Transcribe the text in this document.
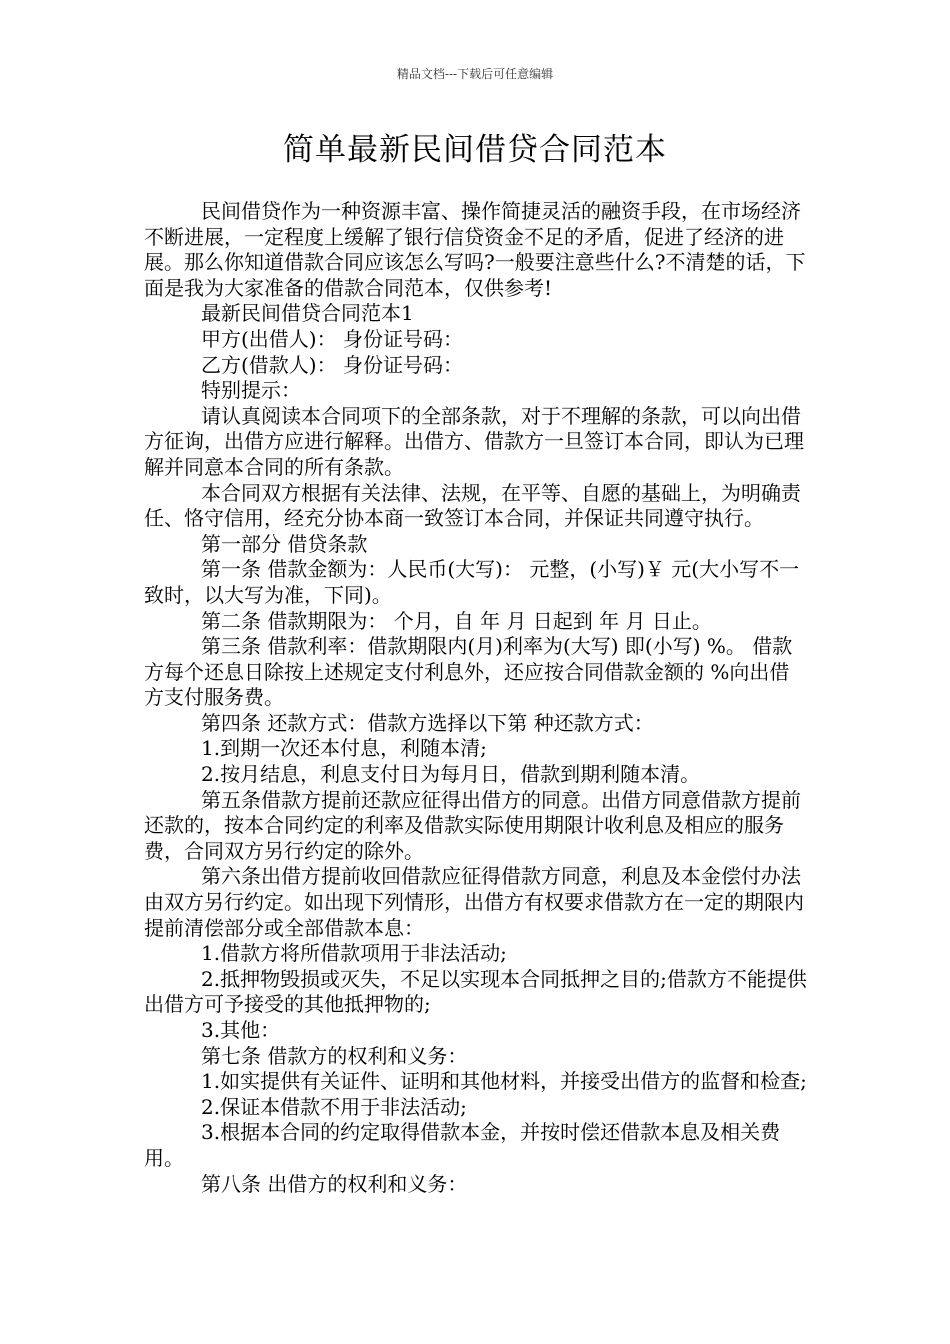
精品文档---下载后可任意编辑
简单最新民间借贷合同范本

民间借贷作为一种资源丰富、操作简捷灵活的融资手段，在市场经济不断进展，一定程度上缓解了银行信贷资金不足的矛盾，促进了经济的进展。那么你知道借款合同应该怎么写吗?一般要注意些什么?不清楚的话，下面是我为大家准备的借款合同范本，仅供参考!

最新民间借贷合同范本1

甲方(出借人)： 身份证号码：

乙方(借款人)： 身份证号码：

特别提示：

请认真阅读本合同项下的全部条款，对于不理解的条款，可以向出借方征询，出借方应进行解释。出借方、借款方一旦签订本合同，即认为已理解并同意本合同的所有条款。

本合同双方根据有关法律、法规，在平等、自愿的基础上，为明确责任、恪守信用，经充分协本商一致签订本合同，并保证共同遵守执行。

第一部分 借贷条款

第一条 借款金额为：人民币(大写)： 元整，(小写)￥ 元(大小写不一致时，以大写为准，下同)。

第二条 借款期限为： 个月，自 年 月 日起到 年 月 日止。

第三条 借款利率：借款期限内(月)利率为(大写) 即(小写) %。 借款方每个还息日除按上述规定支付利息外，还应按合同借款金额的 %向出借方支付服务费。

第四条 还款方式：借款方选择以下第 种还款方式：

1.到期一次还本付息，利随本清;

2.按月结息，利息支付日为每月日，借款到期利随本清。

第五条借款方提前还款应征得出借方的同意。出借方同意借款方提前还款的，按本合同约定的利率及借款实际使用期限计收利息及相应的服务费，合同双方另行约定的除外。

第六条出借方提前收回借款应征得借款方同意，利息及本金偿付办法由双方另行约定。如出现下列情形，出借方有权要求借款方在一定的期限内提前清偿部分或全部借款本息：

1.借款方将所借款项用于非法活动;

2.抵押物毁损或灭失，不足以实现本合同抵押之目的;借款方不能提供出借方可予接受的其他抵押物的;

3.其他：

第七条 借款方的权利和义务：

1.如实提供有关证件、证明和其他材料，并接受出借方的监督和检查;

2.保证本借款不用于非法活动;

3.根据本合同的约定取得借款本金，并按时偿还借款本息及相关费用。

第八条 出借方的权利和义务：
